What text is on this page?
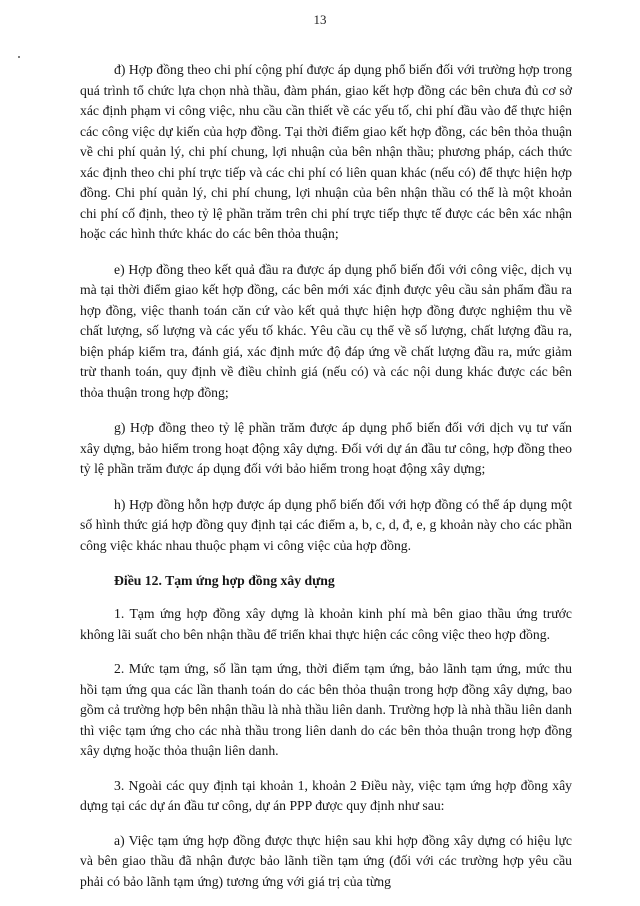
13

đ) Hợp đồng theo chi phí cộng phí được áp dụng phổ biến đối với trường hợp trong quá trình tổ chức lựa chọn nhà thầu, đàm phán, giao kết hợp đồng các bên chưa đủ cơ sở xác định phạm vi công việc, nhu cầu cần thiết về các yếu tố, chi phí đầu vào để thực hiện các công việc dự kiến của hợp đồng. Tại thời điểm giao kết hợp đồng, các bên thỏa thuận về chi phí quản lý, chi phí chung, lợi nhuận của bên nhận thầu; phương pháp, cách thức xác định theo chi phí trực tiếp và các chi phí có liên quan khác (nếu có) để thực hiện hợp đồng. Chi phí quản lý, chi phí chung, lợi nhuận của bên nhận thầu có thể là một khoản chi phí cố định, theo tỷ lệ phần trăm trên chi phí trực tiếp thực tế được các bên xác nhận hoặc các hình thức khác do các bên thỏa thuận;

e) Hợp đồng theo kết quả đầu ra được áp dụng phổ biến đối với công việc, dịch vụ mà tại thời điểm giao kết hợp đồng, các bên mới xác định được yêu cầu sản phẩm đầu ra hợp đồng, việc thanh toán căn cứ vào kết quả thực hiện hợp đồng được nghiệm thu về chất lượng, số lượng và các yếu tố khác. Yêu cầu cụ thể về số lượng, chất lượng đầu ra, biện pháp kiểm tra, đánh giá, xác định mức độ đáp ứng về chất lượng đầu ra, mức giảm trừ thanh toán, quy định về điều chỉnh giá (nếu có) và các nội dung khác được các bên thỏa thuận trong hợp đồng;

g) Hợp đồng theo tỷ lệ phần trăm được áp dụng phổ biến đối với dịch vụ tư vấn xây dựng, bảo hiểm trong hoạt động xây dựng. Đối với dự án đầu tư công, hợp đồng theo tỷ lệ phần trăm được áp dụng đối với bảo hiểm trong hoạt động xây dựng;

h) Hợp đồng hỗn hợp được áp dụng phổ biến đối với hợp đồng có thể áp dụng một số hình thức giá hợp đồng quy định tại các điểm a, b, c, d, đ, e, g khoản này cho các phần công việc khác nhau thuộc phạm vi công việc của hợp đồng.

Điều 12. Tạm ứng hợp đồng xây dựng

1. Tạm ứng hợp đồng xây dựng là khoản kinh phí mà bên giao thầu ứng trước không lãi suất cho bên nhận thầu để triển khai thực hiện các công việc theo hợp đồng.

2. Mức tạm ứng, số lần tạm ứng, thời điểm tạm ứng, bảo lãnh tạm ứng, mức thu hồi tạm ứng qua các lần thanh toán do các bên thỏa thuận trong hợp đồng xây dựng, bao gồm cả trường hợp bên nhận thầu là nhà thầu liên danh. Trường hợp là nhà thầu liên danh thì việc tạm ứng cho các nhà thầu trong liên danh do các bên thỏa thuận trong hợp đồng xây dựng hoặc thỏa thuận liên danh.

3. Ngoài các quy định tại khoản 1, khoản 2 Điều này, việc tạm ứng hợp đồng xây dựng tại các dự án đầu tư công, dự án PPP được quy định như sau:

a) Việc tạm ứng hợp đồng được thực hiện sau khi hợp đồng xây dựng có hiệu lực và bên giao thầu đã nhận được bảo lãnh tiền tạm ứng (đối với các trường hợp yêu cầu phải có bảo lãnh tạm ứng) tương ứng với giá trị của từng
